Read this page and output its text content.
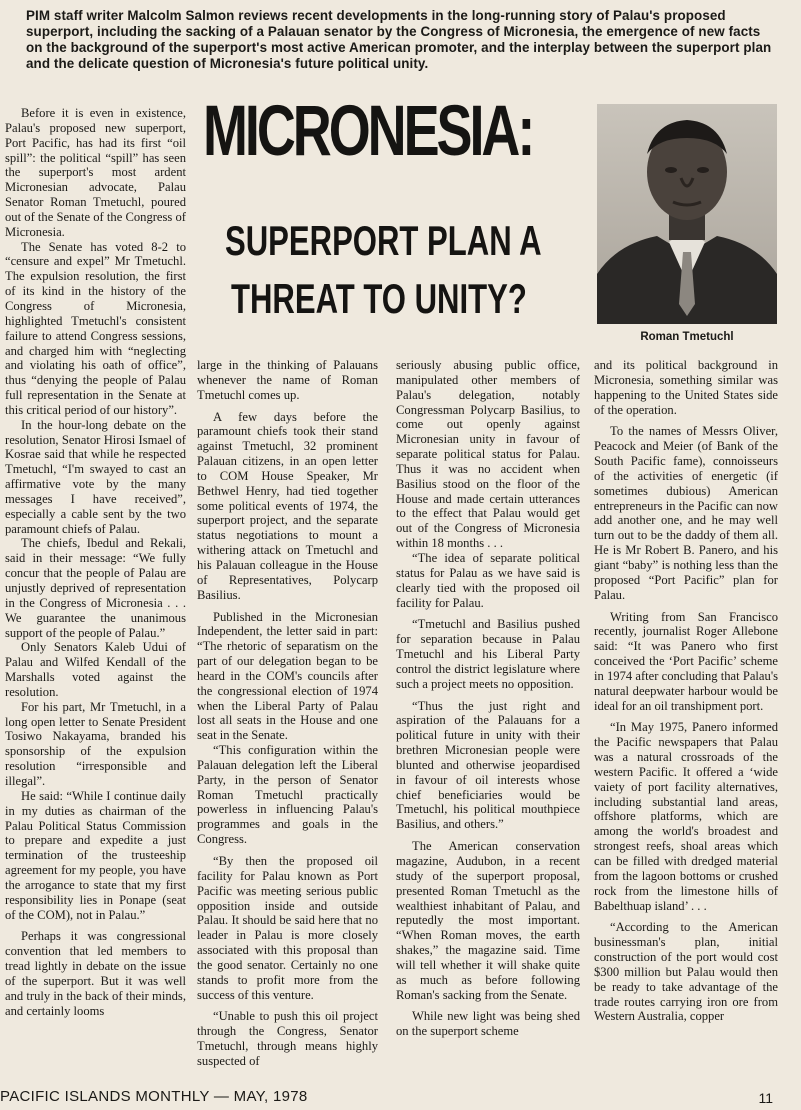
PIM staff writer Malcolm Salmon reviews recent developments in the long-running story of Palau's proposed superport, including the sacking of a Palauan senator by the Congress of Micronesia, the emergence of new facts on the background of the superport's most active American promoter, and the interplay between the superport plan and the delicate question of Micronesia's future political unity.

Before it is even in existence, Palau's proposed new superport, Port Pacific, has had its first “oil spill”: the political “spill” has seen the superport's most ardent Micronesian advocate, Palau Senator Roman Tmetuchl, poured out of the Senate of the Congress of Micronesia.

The Senate has voted 8-2 to “censure and expel” Mr Tmetuchl. The expulsion resolution, the first of its kind in the history of the Congress of Micronesia, highlighted Tmetuchl's consistent failure to attend Congress sessions, and charged him with “neglecting and violating his oath of office”, thus “denying the people of Palau full representation in the Senate at this critical period of our history”.

In the hour-long debate on the resolution, Senator Hirosi Ismael of Kosrae said that while he respected Tmetuchl, “I'm swayed to cast an affirmative vote by the many messages I have received”, especially a cable sent by the two paramount chiefs of Palau.

The chiefs, Ibedul and Rekali, said in their message: “We fully concur that the people of Palau are unjustly deprived of representation in the Congress of Micronesia . . . We guarantee the unanimous support of the people of Palau.”

Only Senators Kaleb Udui of Palau and Wilfed Kendall of the Marshalls voted against the resolution.

For his part, Mr Tmetuchl, in a long open letter to Senate President Tosiwo Nakayama, branded his sponsorship of the expulsion resolution “irresponsible and illegal”.

He said: “While I continue daily in my duties as chairman of the Palau Political Status Commission to prepare and expedite a just termination of the trusteeship agreement for my people, you have the arrogance to state that my first responsibility lies in Ponape (seat of the COM), not in Palau.”

Perhaps it was congressional convention that led members to tread lightly in debate on the issue of the superport. But it was well and truly in the back of their minds, and certainly looms

MICRONESIA:
SUPERPORT PLAN A
THREAT TO UNITY?
Roman Tmetuchl

large in the thinking of Palauans whenever the name of Roman Tmetuchl comes up.

A few days before the paramount chiefs took their stand against Tmetuchl, 32 prominent Palauan citizens, in an open letter to COM House Speaker, Mr Bethwel Henry, had tied together some political events of 1974, the superport project, and the separate status negotiations to mount a withering attack on Tmetuchl and his Palauan colleague in the House of Representatives, Polycarp Basilius.

Published in the Micronesian Independent, the letter said in part: “The rhetoric of separatism on the part of our delegation began to be heard in the COM's councils after the congressional election of 1974 when the Liberal Party of Palau lost all seats in the House and one seat in the Senate.

“This configuration within the Palauan delegation left the Liberal Party, in the person of Senator Roman Tmetuchl practically powerless in influencing Palau's programmes and goals in the Congress.

“By then the proposed oil facility for Palau known as Port Pacific was meeting serious public opposition inside and outside Palau. It should be said here that no leader in Palau is more closely associated with this proposal than the good senator. Certainly no one stands to profit more from the success of this venture.

“Unable to push this oil project through the Congress, Senator Tmetuchl, through means highly suspected of

seriously abusing public office, manipulated other members of Palau's delegation, notably Congressman Polycarp Basilius, to come out openly against Micronesian unity in favour of separate political status for Palau. Thus it was no accident when Basilius stood on the floor of the House and made certain utterances to the effect that Palau would get out of the Congress of Micronesia within 18 months . . .

“The idea of separate political status for Palau as we have said is clearly tied with the proposed oil facility for Palau.

“Tmetuchl and Basilius pushed for separation because in Palau Tmetuchl and his Liberal Party control the district legislature where such a project meets no opposition.

“Thus the just right and aspiration of the Palauans for a political future in unity with their brethren Micronesian people were blunted and otherwise jeopardised in favour of oil interests whose chief beneficiaries would be Tmetuchl, his political mouthpiece Basilius, and others.”

The American conservation magazine, Audubon, in a recent study of the superport proposal, presented Roman Tmetuchl as the wealthiest inhabitant of Palau, and reputedly the most important. “When Roman moves, the earth shakes,” the magazine said. Time will tell whether it will shake quite as much as before following Roman's sacking from the Senate.

While new light was being shed on the superport scheme

and its political background in Micronesia, something similar was happening to the United States side of the operation.

To the names of Messrs Oliver, Peacock and Meier (of Bank of the South Pacific fame), connoisseurs of the activities of energetic (if sometimes dubious) American entrepreneurs in the Pacific can now add another one, and he may well turn out to be the daddy of them all. He is Mr Robert B. Panero, and his giant “baby” is nothing less than the proposed “Port Pacific” plan for Palau.

Writing from San Francisco recently, journalist Roger Allebone said: “It was Panero who first conceived the ‘Port Pacific’ scheme in 1974 after concluding that Palau's natural deepwater harbour would be ideal for an oil transhipment port.

“In May 1975, Panero informed the Pacific newspapers that Palau was a natural crossroads of the western Pacific. It offered a ‘wide vaiety of port facility alternatives, including substantial land areas, offshore platforms, which are among the world's broadest and strongest reefs, shoal areas which can be filled with dredged material from the lagoon bottoms or crushed rock from the limestone hills of Babelthuap island’ . . .

“According to the American businessman's plan, initial construction of the port would cost $300 million but Palau would then be ready to take advantage of the trade routes carrying iron ore from Western Australia, copper

PACIFIC ISLANDS MONTHLY — MAY, 1978	11
